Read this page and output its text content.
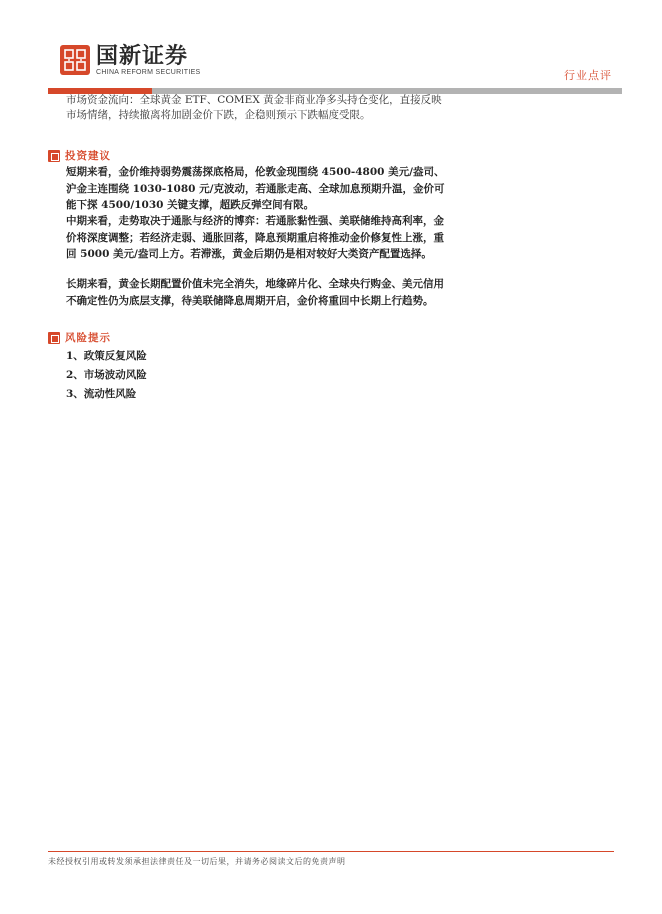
国新证券
CHINA REFORM SECURITIES	行业点评
市场资金流向：全球黄金 ETF、COMEX 黄金非商业净多头持仓变化，直接反映市场情绪，持续撤离将加剧金价下跌，企稳则预示下跌幅度受限。
投资建议
短期来看，金价维持弱势震荡探底格局，伦敦金现围绕 4500-4800 美元/盎司、沪金主连围绕 1030-1080 元/克波动，若通胀走高、全球加息预期升温，金价可能下探 4500/1030 关键支撑，超跌反弹空间有限。
中期来看，走势取决于通胀与经济的博弈：若通胀黏性强、美联储维持高利率，金价将深度调整；若经济走弱、通胀回落，降息预期重启将推动金价修复性上涨，重回 5000 美元/盎司上方。若滞涨，黄金后期仍是相对较好大类资产配置选择。
长期来看，黄金长期配置价值未完全消失，地缘碎片化、全球央行购金、美元信用不确定性仍为底层支撑，待美联储降息周期开启，金价将重回中长期上行趋势。
风险提示
1、政策反复风险
2、市场波动风险
3、流动性风险
未经授权引用或转发须承担法律责任及一切后果，并请务必阅读文后的免责声明
